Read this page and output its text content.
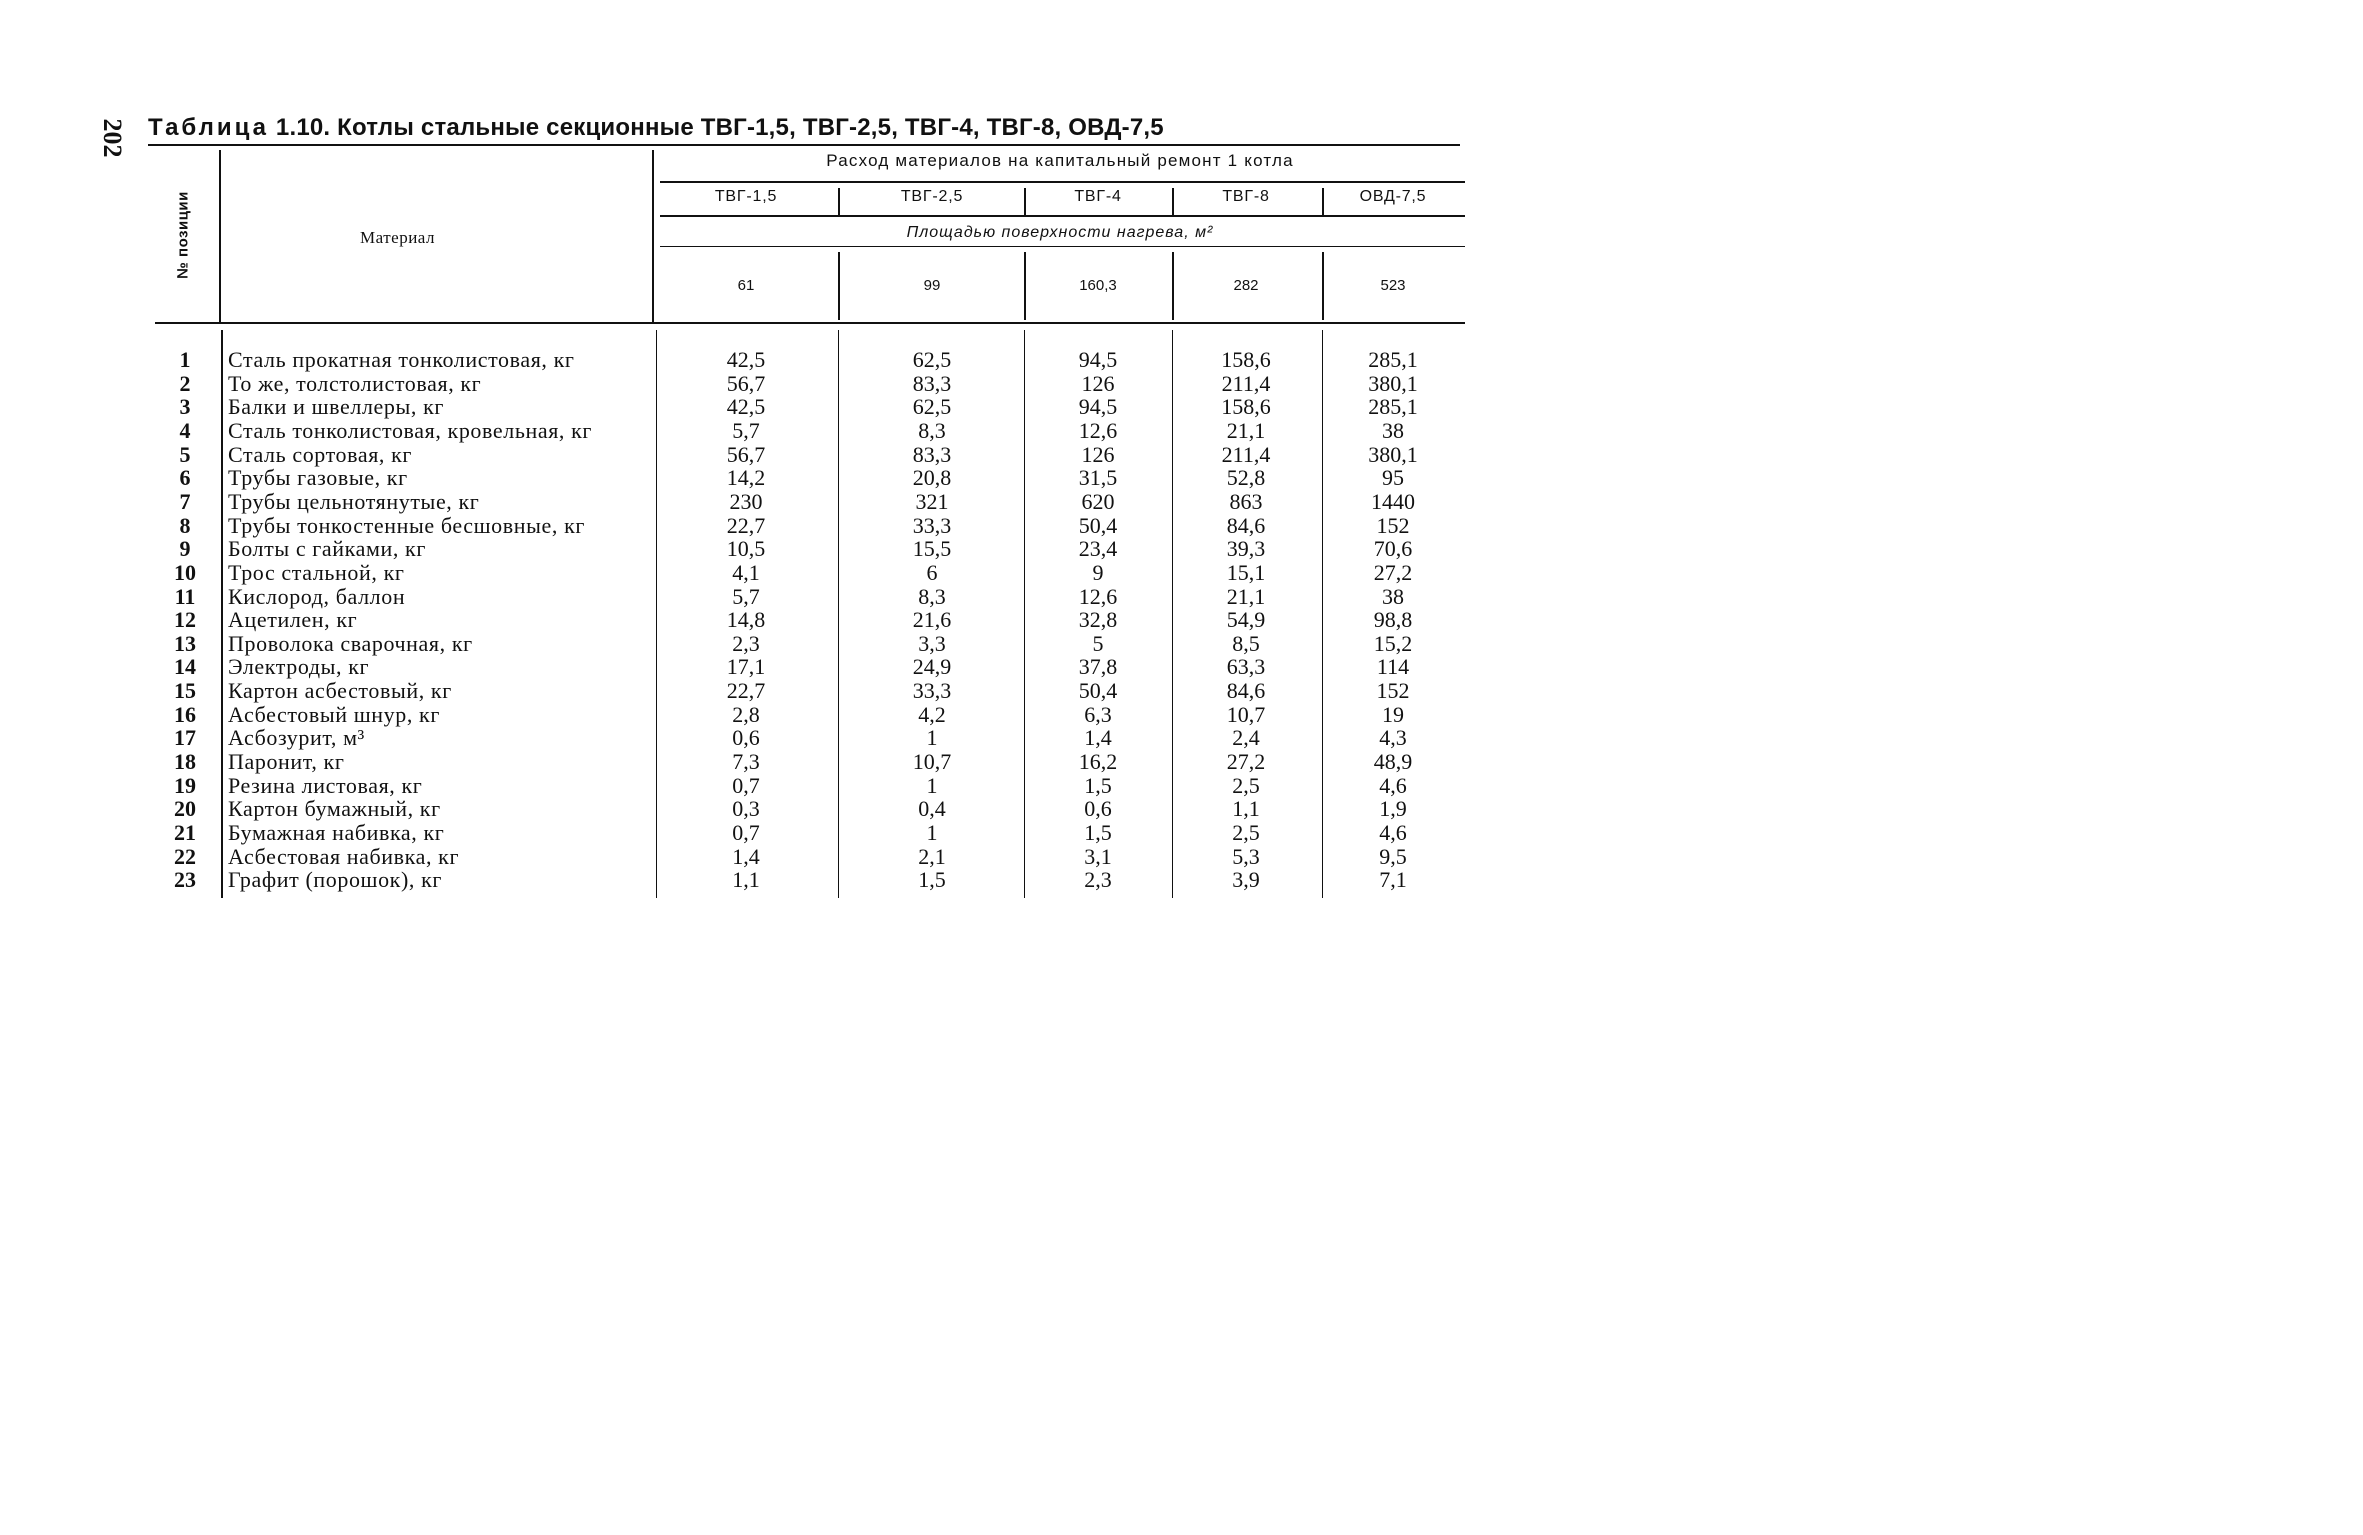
202 Таблица 1.10. Котлы стальные секционные ТВГ-1,5, ТВГ-2,5, ТВГ-4, ТВГ-8, ОВД-7,5
№ позиции	Материал
Расход материалов на капитальный ремонт 1 котла
Площадью поверхности нагрева, м²
ТВГ-1,5	ТВГ-2,5	ТВГ-4	ТВГ-8	ОВД-7,5
61	99	160,3	282	523
1	Сталь прокатная тонколистовая, кг	42,5	62,5	94,5	158,6	285,1
2	То же, толстолистовая, кг	56,7	83,3	126	211,4	380,1
3	Балки и швеллеры, кг	42,5	62,5	94,5	158,6	285,1
4	Сталь тонколистовая, кровельная, кг	5,7	8,3	12,6	21,1	38
5	Сталь сортовая, кг	56,7	83,3	126	211,4	380,1
6	Трубы газовые, кг	14,2	20,8	31,5	52,8	95
7	Трубы цельнотянутые, кг	230	321	620	863	1440
8	Трубы тонкостенные бесшовные, кг	22,7	33,3	50,4	84,6	152
9	Болты с гайками, кг	10,5	15,5	23,4	39,3	70,6
10	Трос стальной, кг	4,1	6	9	15,1	27,2
11	Кислород, баллон	5,7	8,3	12,6	21,1	38
12	Ацетилен, кг	14,8	21,6	32,8	54,9	98,8
13	Проволока сварочная, кг	2,3	3,3	5	8,5	15,2
14	Электроды, кг	17,1	24,9	37,8	63,3	114
15	Картон асбестовый, кг	22,7	33,3	50,4	84,6	152
16	Асбестовый шнур, кг	2,8	4,2	6,3	10,7	19
17	Асбозурит, м³	0,6	1	1,4	2,4	4,3
18	Паронит, кг	7,3	10,7	16,2	27,2	48,9
19	Резина листовая, кг	0,7	1	1,5	2,5	4,6
20	Картон бумажный, кг	0,3	0,4	0,6	1,1	1,9
21	Бумажная набивка, кг	0,7	1	1,5	2,5	4,6
22	Асбестовая набивка, кг	1,4	2,1	3,1	5,3	9,5
23	Графит (порошок), кг	1,1	1,5	2,3	3,9	7,1
